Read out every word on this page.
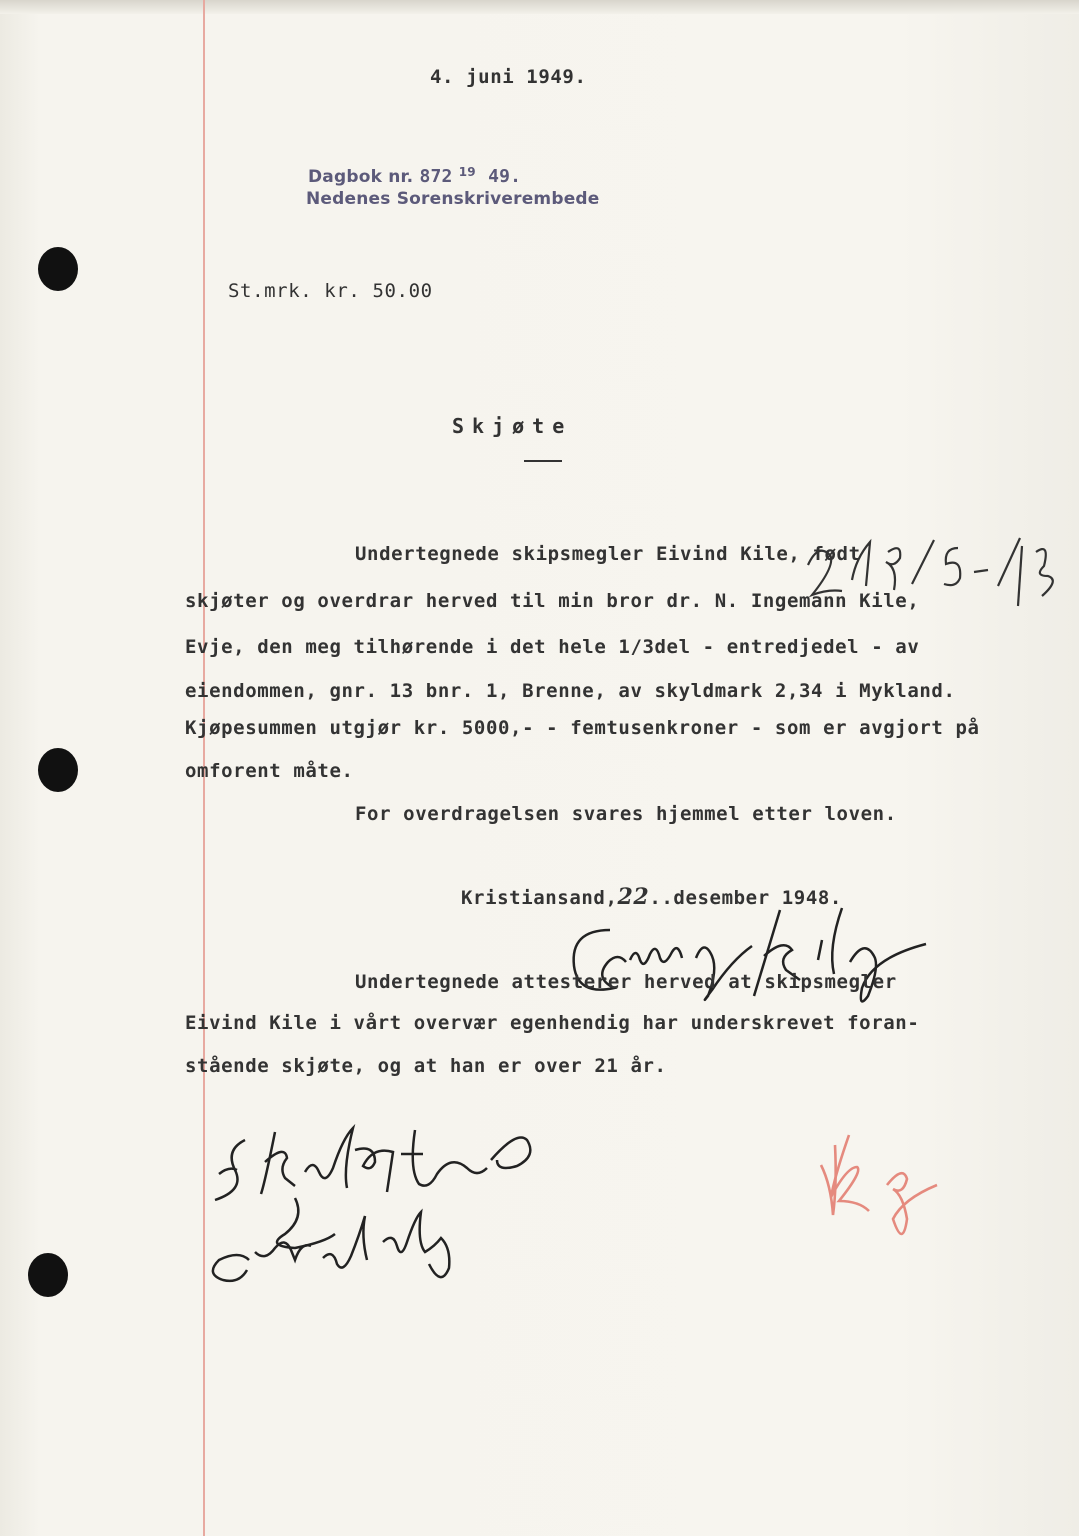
4. juni 1949.
Dagbok nr. 872 $^{19}$ 49.
Nedenes Sorenskriverembede
St.mrk. kr. 50.00
Skjøte
Undertegnede skipsmegler Eivind Kile, født
skjøter og overdrar herved til min bror dr. N. Ingemann Kile,
Evje, den meg tilhørende i det hele 1/3del - entredjedel - av
eiendommen, gnr. 13 bnr. 1, Brenne, av skyldmark 2,34 i Mykland.
Kjøpesummen utgjør kr. 5000,- - femtusenkroner - som er avgjort på
omforent måte.
For overdragelsen svares hjemmel etter loven.
Kristiansand,22..desember 1948.
Undertegnede attesterer herved at skipsmegler
Eivind Kile i vårt overvær egenhendig har underskrevet foran-
stående skjøte, og at han er over 21 år.
